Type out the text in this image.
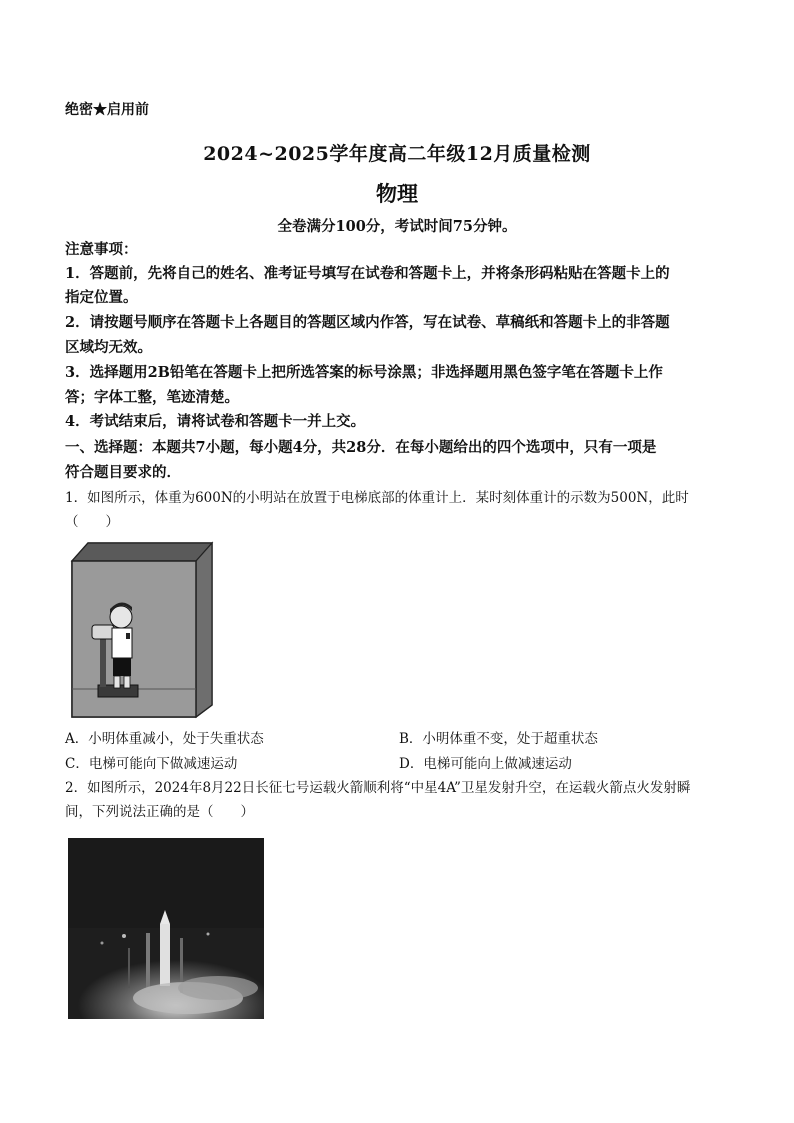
绝密★启用前
2024~2025学年度高二年级12月质量检测
物理
全卷满分100分，考试时间75分钟。
注意事项：
1．答题前，先将自己的姓名、准考证号填写在试卷和答题卡上，并将条形码粘贴在答题卡上的
指定位置。
2．请按题号顺序在答题卡上各题目的答题区域内作答，写在试卷、草稿纸和答题卡上的非答题
区域均无效。
3．选择题用2B铅笔在答题卡上把所选答案的标号涂黑；非选择题用黑色签字笔在答题卡上作
答；字体工整，笔迹清楚。
4．考试结束后，请将试卷和答题卡一并上交。
一、选择题：本题共7小题，每小题4分，共28分．在每小题给出的四个选项中，只有一项是
符合题目要求的．
1．如图所示，体重为600N的小明站在放置于电梯底部的体重计上．某时刻体重计的示数为500N，此时
（　　）
A．小明体重减小，处于失重状态	B．小明体重不变，处于超重状态
C．电梯可能向下做减速运动	D．电梯可能向上做减速运动
2．如图所示，2024年8月22日长征七号运载火箭顺利将“中星4A”卫星发射升空，在运载火箭点火发射瞬
间，下列说法正确的是（　　）
